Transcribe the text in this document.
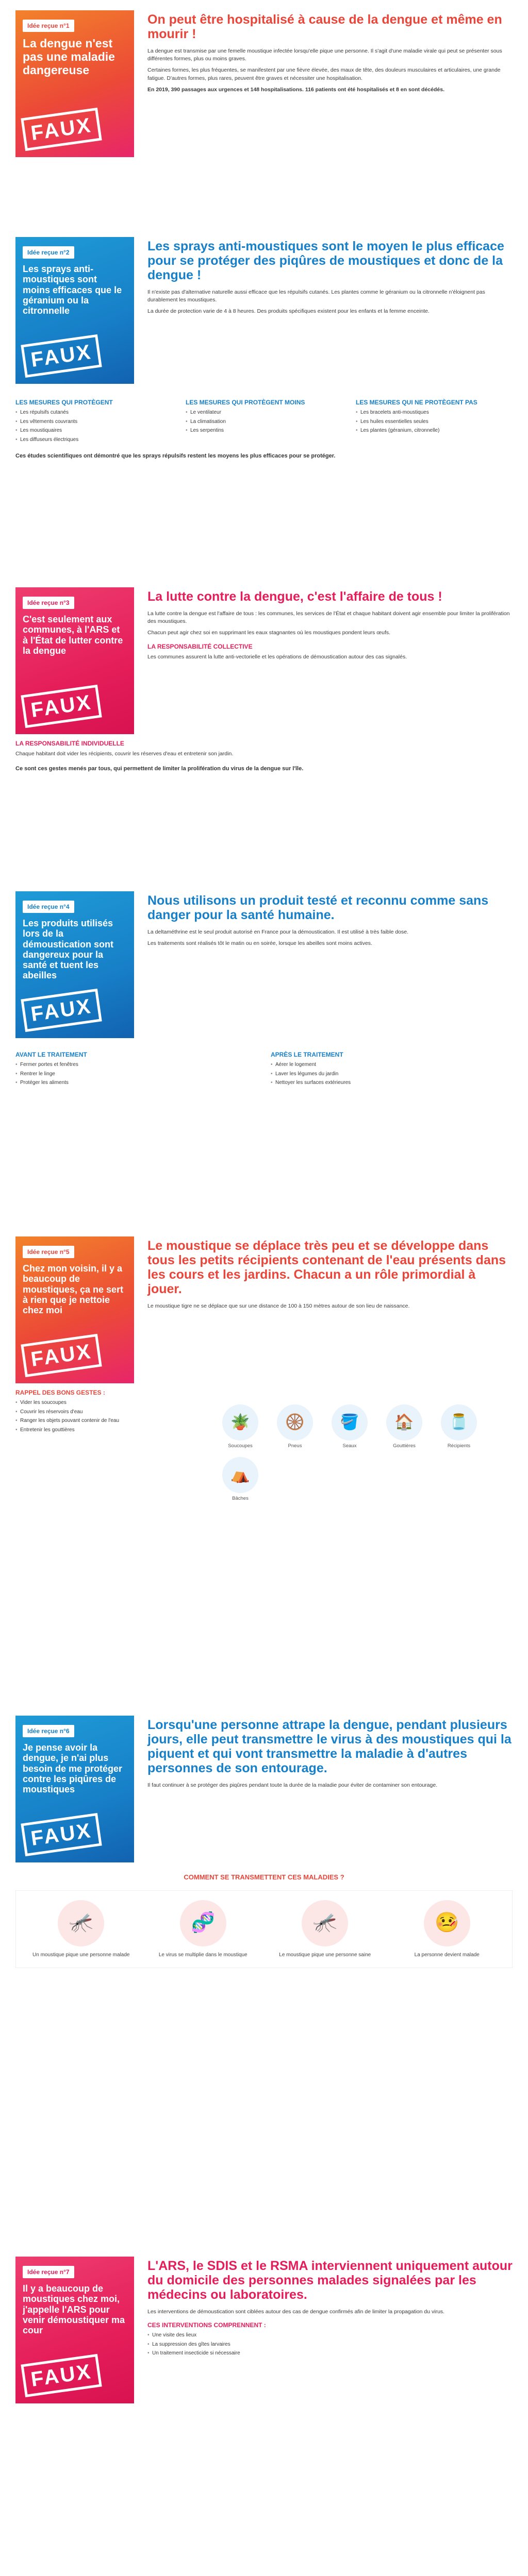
Idée reçue n°1
La dengue n'est pas une maladie dangereuse
FAUX
On peut être hospitalisé à cause de la dengue et même en mourir !

La dengue est transmise par une femelle moustique infectée lorsqu'elle pique une personne. Il s'agit d'une maladie virale qui peut se présenter sous différentes formes, plus ou moins graves.

Certaines formes, les plus fréquentes, se manifestent par une fièvre élevée, des maux de tête, des douleurs musculaires et articulaires, une grande fatigue. D'autres formes, plus rares, peuvent être graves et nécessiter une hospitalisation.

En 2019, 390 passages aux urgences et 148 hospitalisations. 116 patients ont été hospitalisés et 8 en sont décédés.

Idée reçue n°2
Les sprays anti-moustiques sont moins efficaces que le géranium ou la citronnelle
FAUX
Les sprays anti-moustiques sont le moyen le plus efficace pour se protéger des piqûres de moustiques et donc de la dengue !

Il n'existe pas d'alternative naturelle aussi efficace que les répulsifs cutanés. Les plantes comme le géranium ou la citronnelle n'éloignent pas durablement les moustiques.

La durée de protection varie de 4 à 8 heures. Des produits spécifiques existent pour les enfants et la femme enceinte.

LES MESURES QUI PROTÈGENT
• Les répulsifs cutanés
• Les vêtements couvrants
• Les moustiquaires
• Les diffuseurs électriques
LES MESURES QUI PROTÈGENT MOINS
• Le ventilateur
• La climatisation
• Les serpentins
LES MESURES QUI NE PROTÈGENT PAS
• Les bracelets anti-moustiques
• Les huiles essentielles seules
• Les plantes (géranium, citronnelle)

Ces études scientifiques ont démontré que les sprays répulsifs restent les moyens les plus efficaces pour se protéger.

Idée reçue n°3
C'est seulement aux communes, à l'ARS et à l'État de lutter contre la dengue
FAUX
La lutte contre la dengue, c'est l'affaire de tous !

La lutte contre la dengue est l'affaire de tous : les communes, les services de l'État et chaque habitant doivent agir ensemble pour limiter la prolifération des moustiques.

Chacun peut agir chez soi en supprimant les eaux stagnantes où les moustiques pondent leurs œufs.

LA RESPONSABILITÉ COLLECTIVE

Les communes assurent la lutte anti-vectorielle et les opérations de démoustication autour des cas signalés.

LA RESPONSABILITÉ INDIVIDUELLE

Chaque habitant doit vider les récipients, couvrir les réserves d'eau et entretenir son jardin.

Ce sont ces gestes menés par tous, qui permettent de limiter la prolifération du virus de la dengue sur l'île.

Idée reçue n°4
Les produits utilisés lors de la démoustication sont dangereux pour la santé et tuent les abeilles
FAUX
Nous utilisons un produit testé et reconnu comme sans danger pour la santé humaine.

La deltaméthrine est le seul produit autorisé en France pour la démoustication. Il est utilisé à très faible dose.

Les traitements sont réalisés tôt le matin ou en soirée, lorsque les abeilles sont moins actives.

AVANT LE TRAITEMENT
• Fermer portes et fenêtres
• Rentrer le linge
• Protéger les aliments
APRÈS LE TRAITEMENT
• Aérer le logement
• Laver les légumes du jardin
• Nettoyer les surfaces extérieures
Idée reçue n°5
Chez mon voisin, il y a beaucoup de moustiques, ça ne sert à rien que je nettoie chez moi
FAUX
Le moustique se déplace très peu et se développe dans tous les petits récipients contenant de l'eau présents dans les cours et les jardins. Chacun a un rôle primordial à jouer.

Le moustique tigre ne se déplace que sur une distance de 100 à 150 mètres autour de son lieu de naissance.

RAPPEL DES BONS GESTES :
• Vider les soucoupes
• Couvrir les réservoirs d'eau
• Ranger les objets pouvant contenir de l'eau
• Entretenir les gouttières	🪴
Soucoupes
🛞
Pneus
🪣
Seaux
🏠
Gouttières
🫙
Récipients
⛺
Bâches
Idée reçue n°6
Je pense avoir la dengue, je n'ai plus besoin de me protéger contre les piqûres de moustiques
FAUX
Lorsqu'une personne attrape la dengue, pendant plusieurs jours, elle peut transmettre le virus à des moustiques qui la piquent et qui vont transmettre la maladie à d'autres personnes de son entourage.

Il faut continuer à se protéger des piqûres pendant toute la durée de la maladie pour éviter de contaminer son entourage.

COMMENT SE TRANSMETTENT CES MALADIES ?
🦟
Un moustique pique une personne malade
🧬
Le virus se multiplie dans le moustique
🦟
Le moustique pique une personne saine
🤒
La personne devient malade
Idée reçue n°7
Il y a beaucoup de moustiques chez moi, j'appelle l'ARS pour venir démoustiquer ma cour
FAUX
L'ARS, le SDIS et le RSMA interviennent uniquement autour du domicile des personnes malades signalées par les médecins ou laboratoires.

Les interventions de démoustication sont ciblées autour des cas de dengue confirmés afin de limiter la propagation du virus.

CES INTERVENTIONS COMPRENNENT :
• Une visite des lieux
• La suppression des gîtes larvaires
• Un traitement insecticide si nécessaire
